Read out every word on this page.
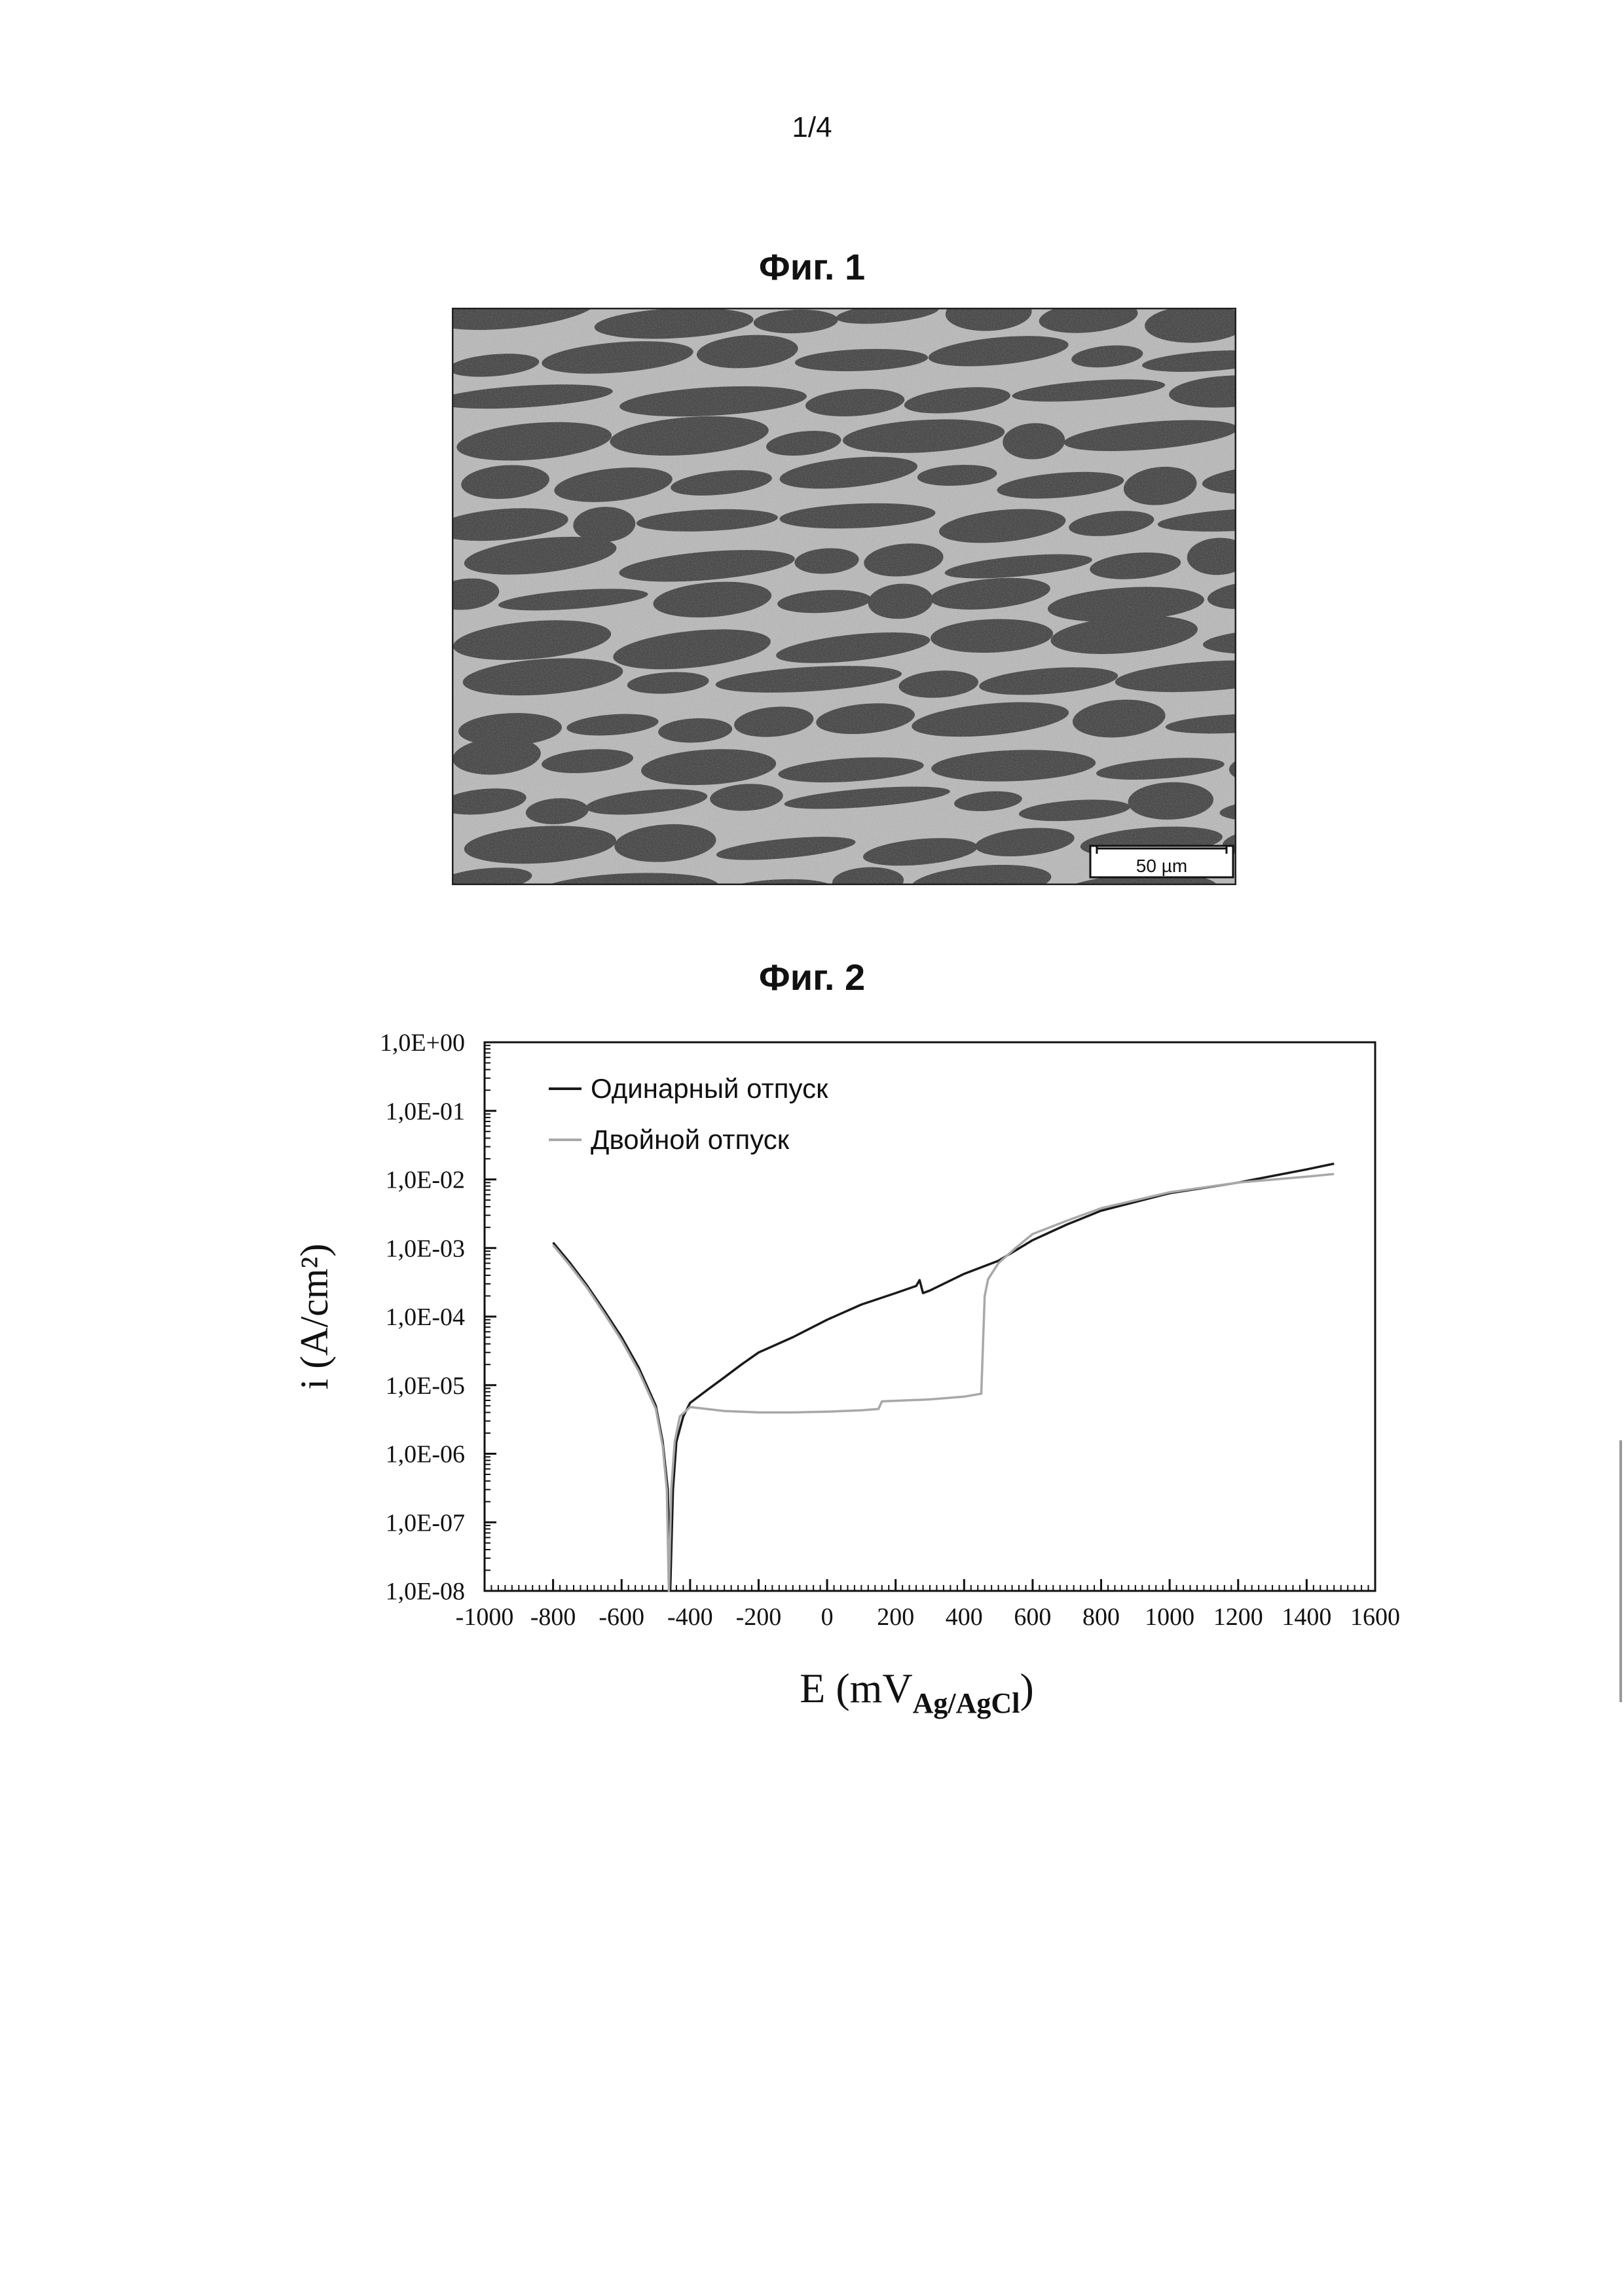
1/4
Фиг. 1
50 µm
Фиг. 2
-1000 -800 -600 -400 -200 0 200 400 600 800 1000 1200 1400 1600
1,0E+00
1,0E-01
1,0E-02
1,0E-03
1,0E-04
1,0E-05
1,0E-06
1,0E-07
1,0E-08
Одинарный отпуск
Двойной отпуск
E $(mV_{Ag/AgCl})$
i (A/cm²)
